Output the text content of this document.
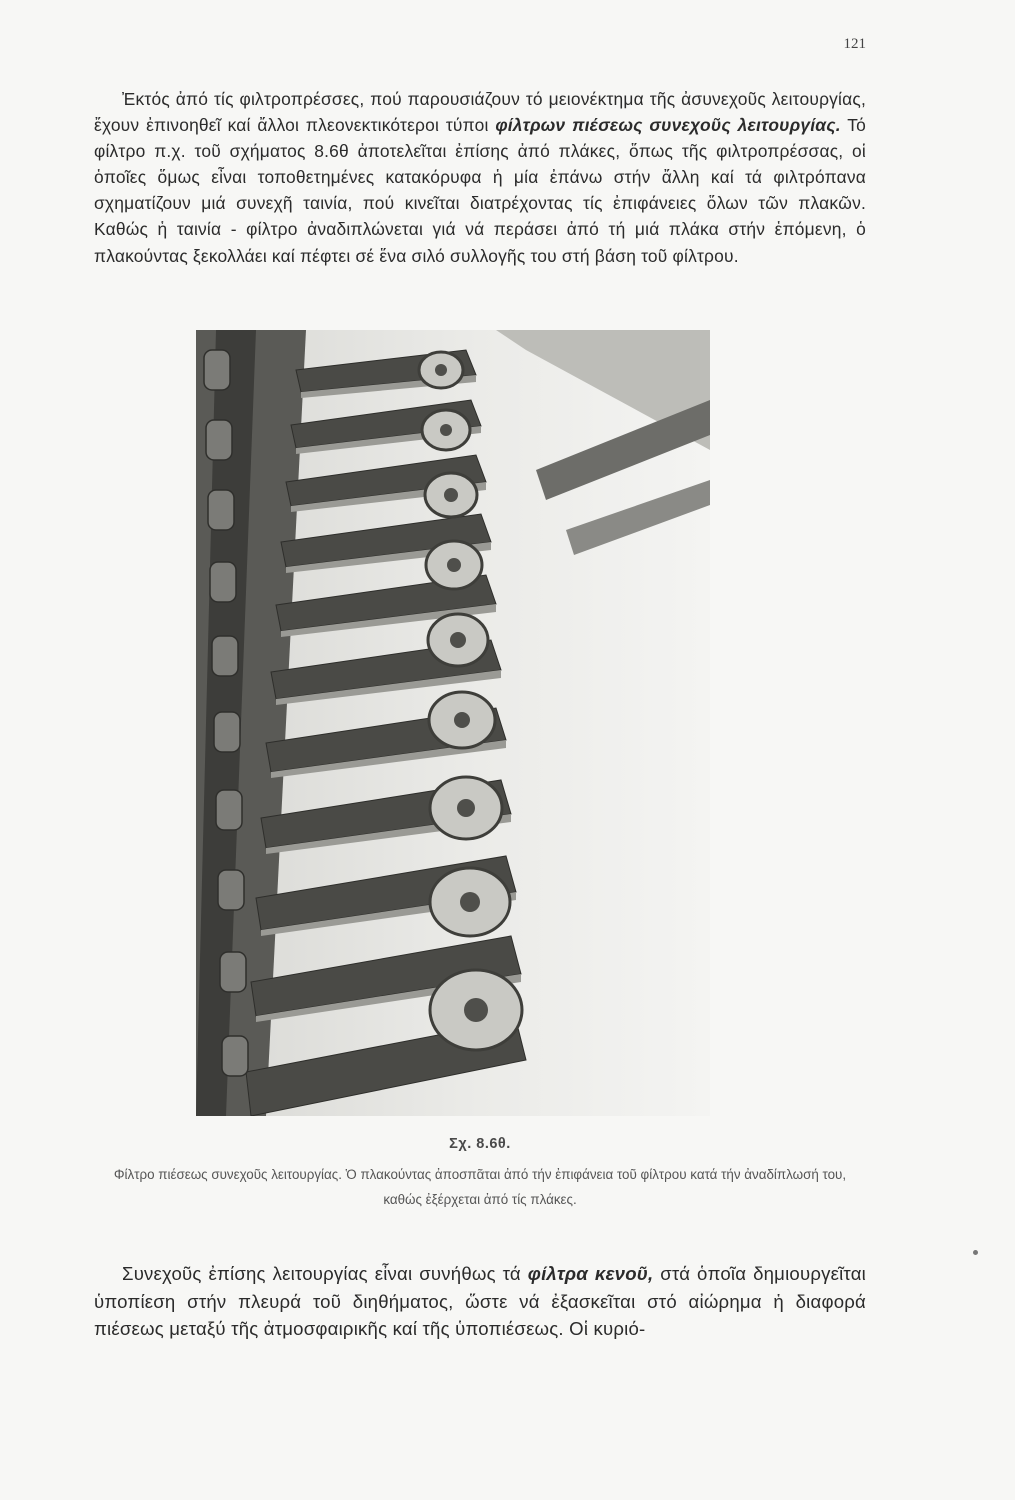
121
Ἐκτός ἀπό τίς φιλτροπρέσσες, πού παρουσιάζουν τό μειονέκτημα τῆς ἀσυνεχοῦς λειτουργίας, ἔχουν ἐπινοηθεῖ καί ἄλλοι πλεονεκτικότεροι τύποι φίλτρων πιέσεως συνεχοῦς λειτουργίας. Τό φίλτρο π.χ. τοῦ σχήματος 8.6θ ἀποτελεῖται ἐπίσης ἀπό πλάκες, ὅπως τῆς φιλτροπρέσσας, οἱ ὁποῖες ὅμως εἶναι τοποθετημένες κατακόρυφα ἡ μία ἐπάνω στήν ἄλλη καί τά φιλτρόπανα σχηματίζουν μιά συνεχῆ ταινία, πού κινεῖται διατρέχοντας τίς ἐπιφάνειες ὅλων τῶν πλακῶν. Καθώς ἡ ταινία - φίλτρο ἀναδιπλώνεται γιά νά περάσει ἀπό τή μιά πλάκα στήν ἑπόμενη, ὁ πλακούντας ξεκολλάει καί πέφτει σέ ἕνα σιλό συλλογῆς του στή βάση τοῦ φίλτρου.
Σχ. 8.6θ.
Φίλτρο πιέσεως συνεχοῦς λειτουργίας. Ὁ πλακούντας ἀποσπᾶται ἀπό τήν ἐπιφάνεια τοῦ φίλτρου κατά τήν ἀναδίπλωσή του, καθώς ἐξέρχεται ἀπό τίς πλάκες.
Συνεχοῦς ἐπίσης λειτουργίας εἶναι συνήθως τά φίλτρα κενοῦ, στά ὁποῖα δημιουργεῖται ὑποπίεση στήν πλευρά τοῦ διηθήματος, ὥστε νά ἐξασκεῖται στό αἰώρημα ἡ διαφορά πιέσεως μεταξύ τῆς ἀτμοσφαιρικῆς καί τῆς ὑποπιέσεως. Οἱ κυριό-
